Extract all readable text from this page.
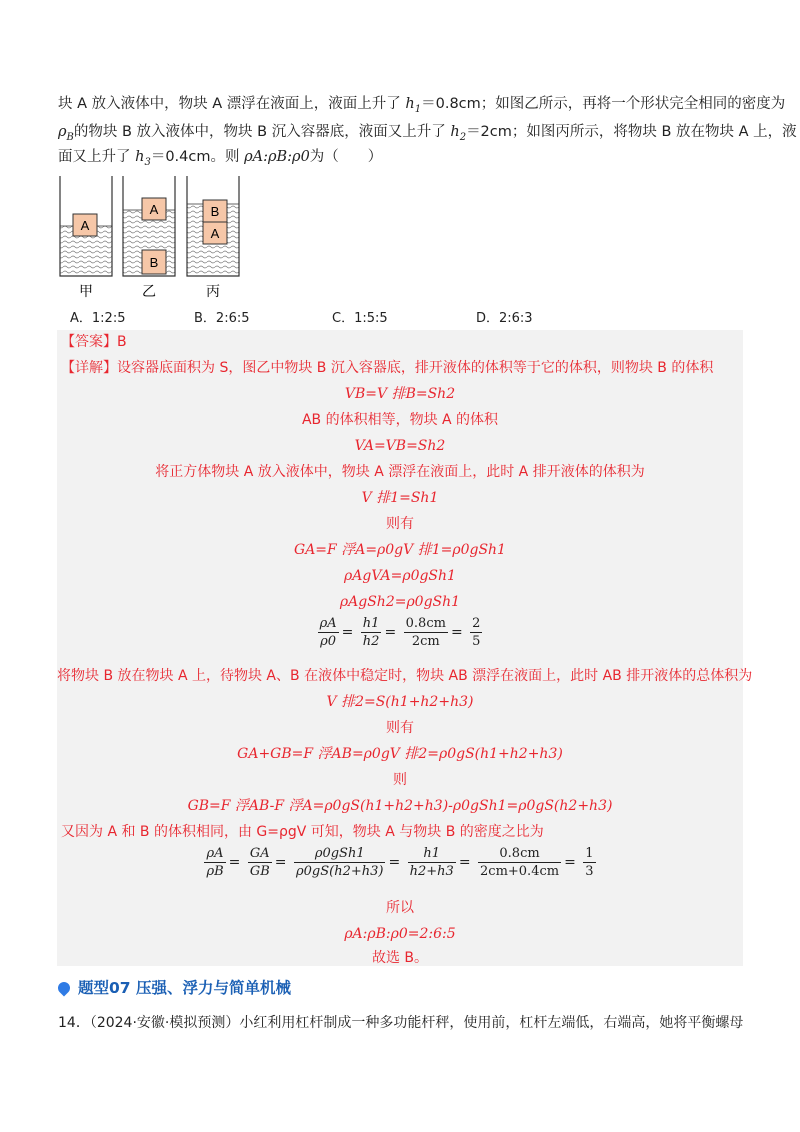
块 A 放入液体中，物块 A 漂浮在液面上，液面上升了 $h_1=0.8cm$；如图乙所示，再将一个形状完全相同的密度为
$\rho_B$的物块 B 放入液体中，物块 B 沉入容器底，液面又上升了 $h_2=2cm$；如图丙所示，将物块 B 放在物块 A 上，液
面又上升了 $h_3=0.4cm$。则 ρA:ρB:ρ0为（　　）
A
A
B
B
A
甲	乙	丙
A．1:2:5	B．2:6:5	C．1:5:5	D．2:6:3
【答案】B
【详解】设容器底面积为 S，图乙中物块 B 沉入容器底，排开液体的体积等于它的体积，则物块 B 的体积
VB=V 排B=Sh2
AB 的体积相等，物块 A 的体积
VA=VB=Sh2
将正方体物块 A 放入液体中，物块 A 漂浮在液面上，此时 A 排开液体的体积为
V 排1=Sh1
则有
GA=F 浮A=ρ0gV 排1=ρ0gSh1
ρAgVA=ρ0gSh1
ρAgSh2=ρ0gSh1
$\frac{\rho A}{\rho 0} = \frac{h1}{h2} = \frac{0.8cm}{2cm} = \frac{2}{5}$
将物块 B 放在物块 A 上，待物块 A、B 在液体中稳定时，物块 AB 漂浮在液面上，此时 AB 排开液体的总体积为
V 排2=S(h1+h2+h3)
则有
GA+GB=F 浮AB=ρ0gV 排2=ρ0gS(h1+h2+h3)
则
GB=F 浮AB-F 浮A=ρ0gS(h1+h2+h3)-ρ0gSh1=ρ0gS(h2+h3)
又因为 A 和 B 的体积相同，由 G=ρgV 可知，物块 A 与物块 B 的密度之比为
$\frac{\rho A}{\rho B} = \frac{GA}{GB} = \frac{\text{ρ0gSh1}}{\rho 0gS(h2+h3)} = \frac{h1}{h2+h3} = \frac{0.8cm}{2cm+0.4cm} = \frac{1}{3}$
所以
ρA:ρB:ρ0=2:6:5
故选 B。
题型07 压强、浮力与简单机械
14．（2024·安徽·模拟预测）小红利用杠杆制成一种多功能杆秤，使用前，杠杆左端低，右端高，她将平衡螺母
